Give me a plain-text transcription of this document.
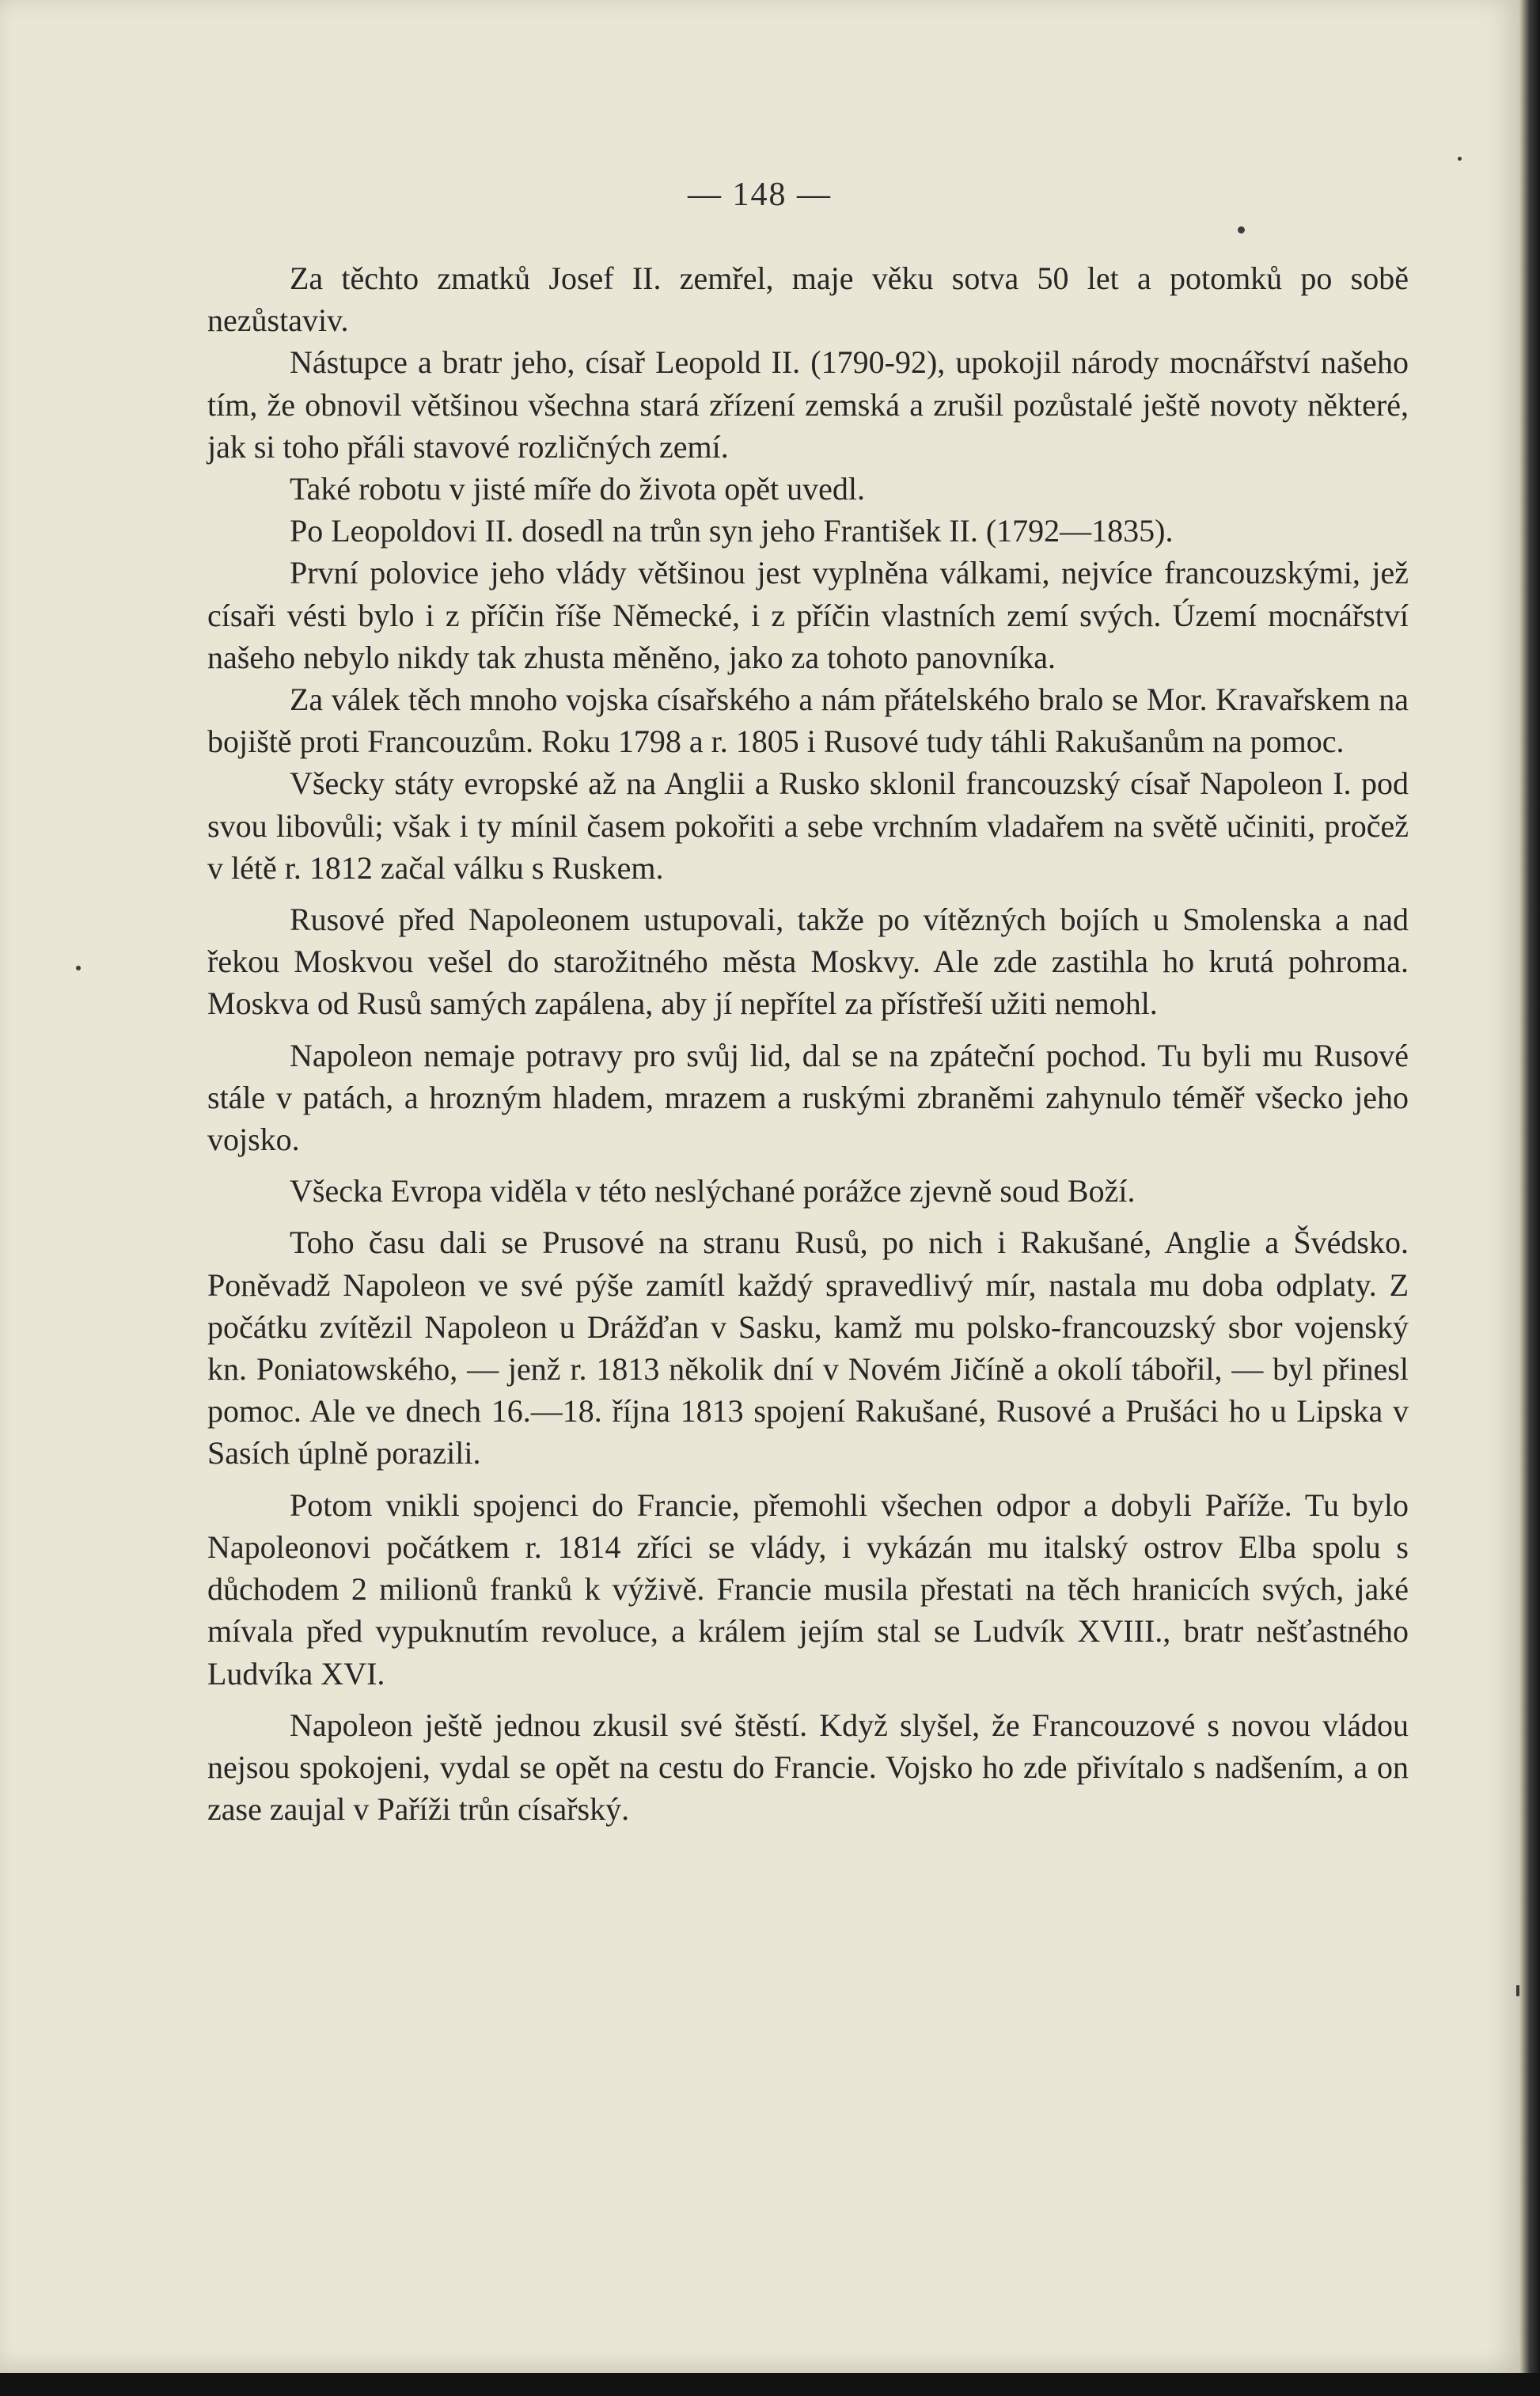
— 148 —

Za těchto zmatků Josef II. zemřel, maje věku sotva 50 let a potomků po sobě nezůstaviv.

Nástupce a bratr jeho, císař Leopold II. (1790-92), upokojil národy mocnářství našeho tím, že obnovil většinou všechna stará zřízení zemská a zrušil pozůstalé ještě novoty některé, jak si toho přáli stavové rozličných zemí.

Také robotu v jisté míře do života opět uvedl.

Po Leopoldovi II. dosedl na trůn syn jeho František II. (1792—1835).

První polovice jeho vlády většinou jest vyplněna válkami, nejvíce francouzskými, jež císaři vésti bylo i z příčin říše Německé, i z příčin vlastních zemí svých. Území mocnářství našeho nebylo nikdy tak zhusta měněno, jako za tohoto panovníka.

Za válek těch mnoho vojska císařského a nám přátelského bralo se Mor. Kravařskem na bojiště proti Francouzům. Roku 1798 a r. 1805 i Rusové tudy táhli Rakušanům na pomoc.

Všecky státy evropské až na Anglii a Rusko sklonil francouzský císař Napoleon I. pod svou libovůli; však i ty mínil časem pokořiti a sebe vrchním vladařem na světě učiniti, pročež v létě r. 1812 začal válku s Ruskem.

Rusové před Napoleonem ustupovali, takže po vítězných bojích u Smolenska a nad řekou Moskvou vešel do starožitného města Moskvy. Ale zde zastihla ho krutá pohroma. Moskva od Rusů samých zapálena, aby jí nepřítel za přístřeší užiti nemohl.

Napoleon nemaje potravy pro svůj lid, dal se na zpáteční pochod. Tu byli mu Rusové stále v patách, a hrozným hladem, mrazem a ruskými zbraněmi zahynulo téměř všecko jeho vojsko.

Všecka Evropa viděla v této neslýchané porážce zjevně soud Boží.

Toho času dali se Prusové na stranu Rusů, po nich i Rakušané, Anglie a Švédsko. Poněvadž Napoleon ve své pýše zamítl každý spravedlivý mír, nastala mu doba odplaty. Z počátku zvítězil Napoleon u Drážďan v Sasku, kamž mu polsko-francouzský sbor vojenský kn. Poniatowského, — jenž r. 1813 několik dní v Novém Jičíně a okolí tábořil, — byl přinesl pomoc. Ale ve dnech 16.—18. října 1813 spojení Rakušané, Rusové a Prušáci ho u Lipska v Sasích úplně porazili.

Potom vnikli spojenci do Francie, přemohli všechen odpor a dobyli Paříže. Tu bylo Napoleonovi počátkem r. 1814 zříci se vlády, i vykázán mu italský ostrov Elba spolu s důchodem 2 milionů franků k výživě. Francie musila přestati na těch hranicích svých, jaké mívala před vypuknutím revoluce, a králem jejím stal se Ludvík XVIII., bratr nešťastného Ludvíka XVI.

Napoleon ještě jednou zkusil své štěstí. Když slyšel, že Francouzové s novou vládou nejsou spokojeni, vydal se opět na cestu do Francie. Vojsko ho zde přivítalo s nadšením, a on zase zaujal v Paříži trůn císařský.
